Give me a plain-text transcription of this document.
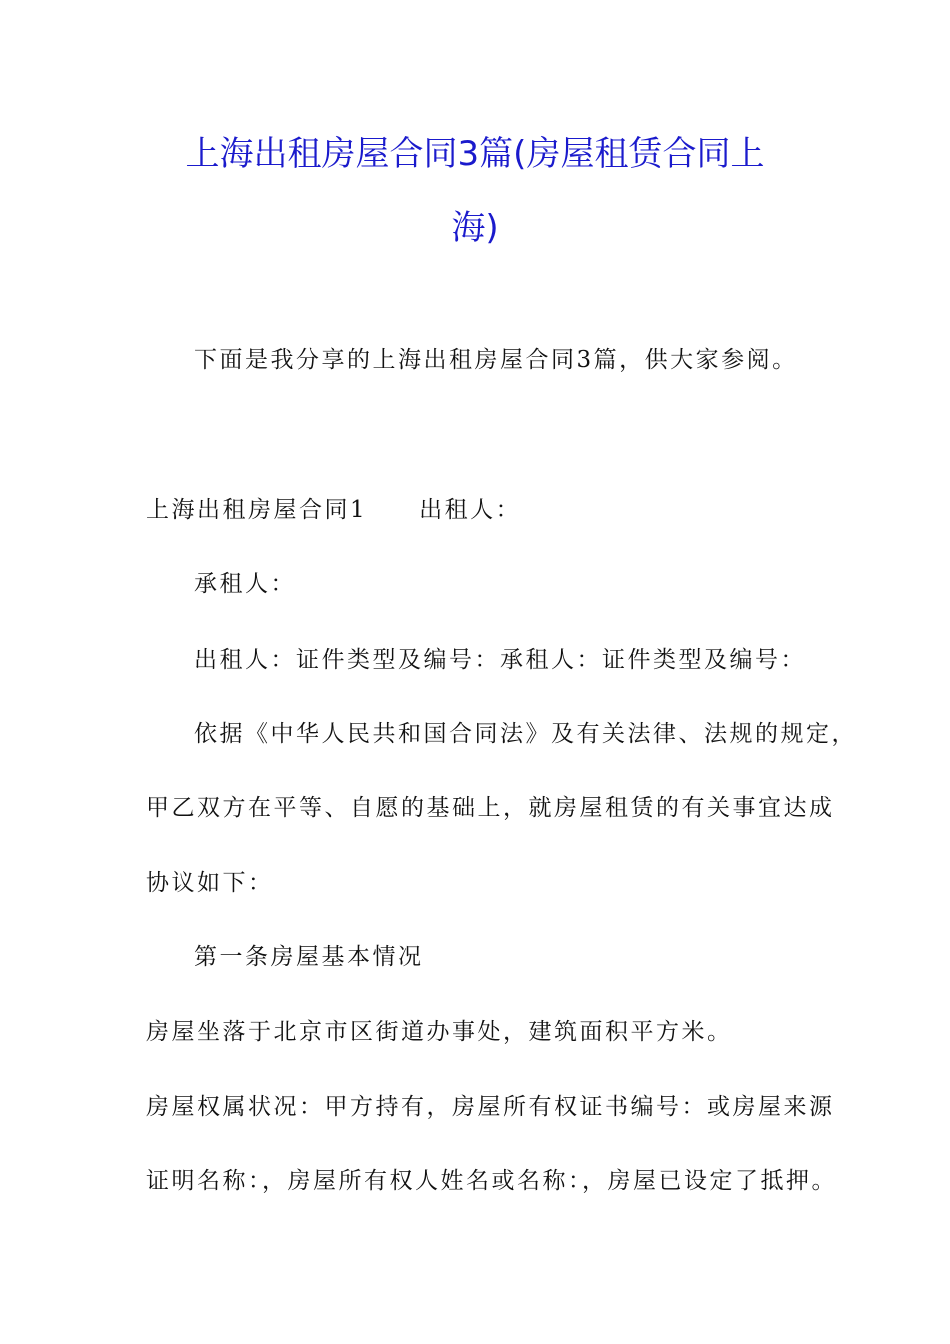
上海出租房屋合同3篇(房屋租赁合同上
海)

下面是我分享的上海出租房屋合同3篇，供大家参阅。

上海出租房屋合同1 出租人：

承租人：

出租人：证件类型及编号：承租人：证件类型及编号：

依据《中华人民共和国合同法》及有关法律、法规的规定，

甲乙双方在平等、自愿的基础上，就房屋租赁的有关事宜达成

协议如下：

第一条房屋基本情况

房屋坐落于北京市区街道办事处，建筑面积平方米。

房屋权属状况：甲方持有，房屋所有权证书编号：或房屋来源

证明名称：，房屋所有权人姓名或名称：，房屋已设定了抵押。
